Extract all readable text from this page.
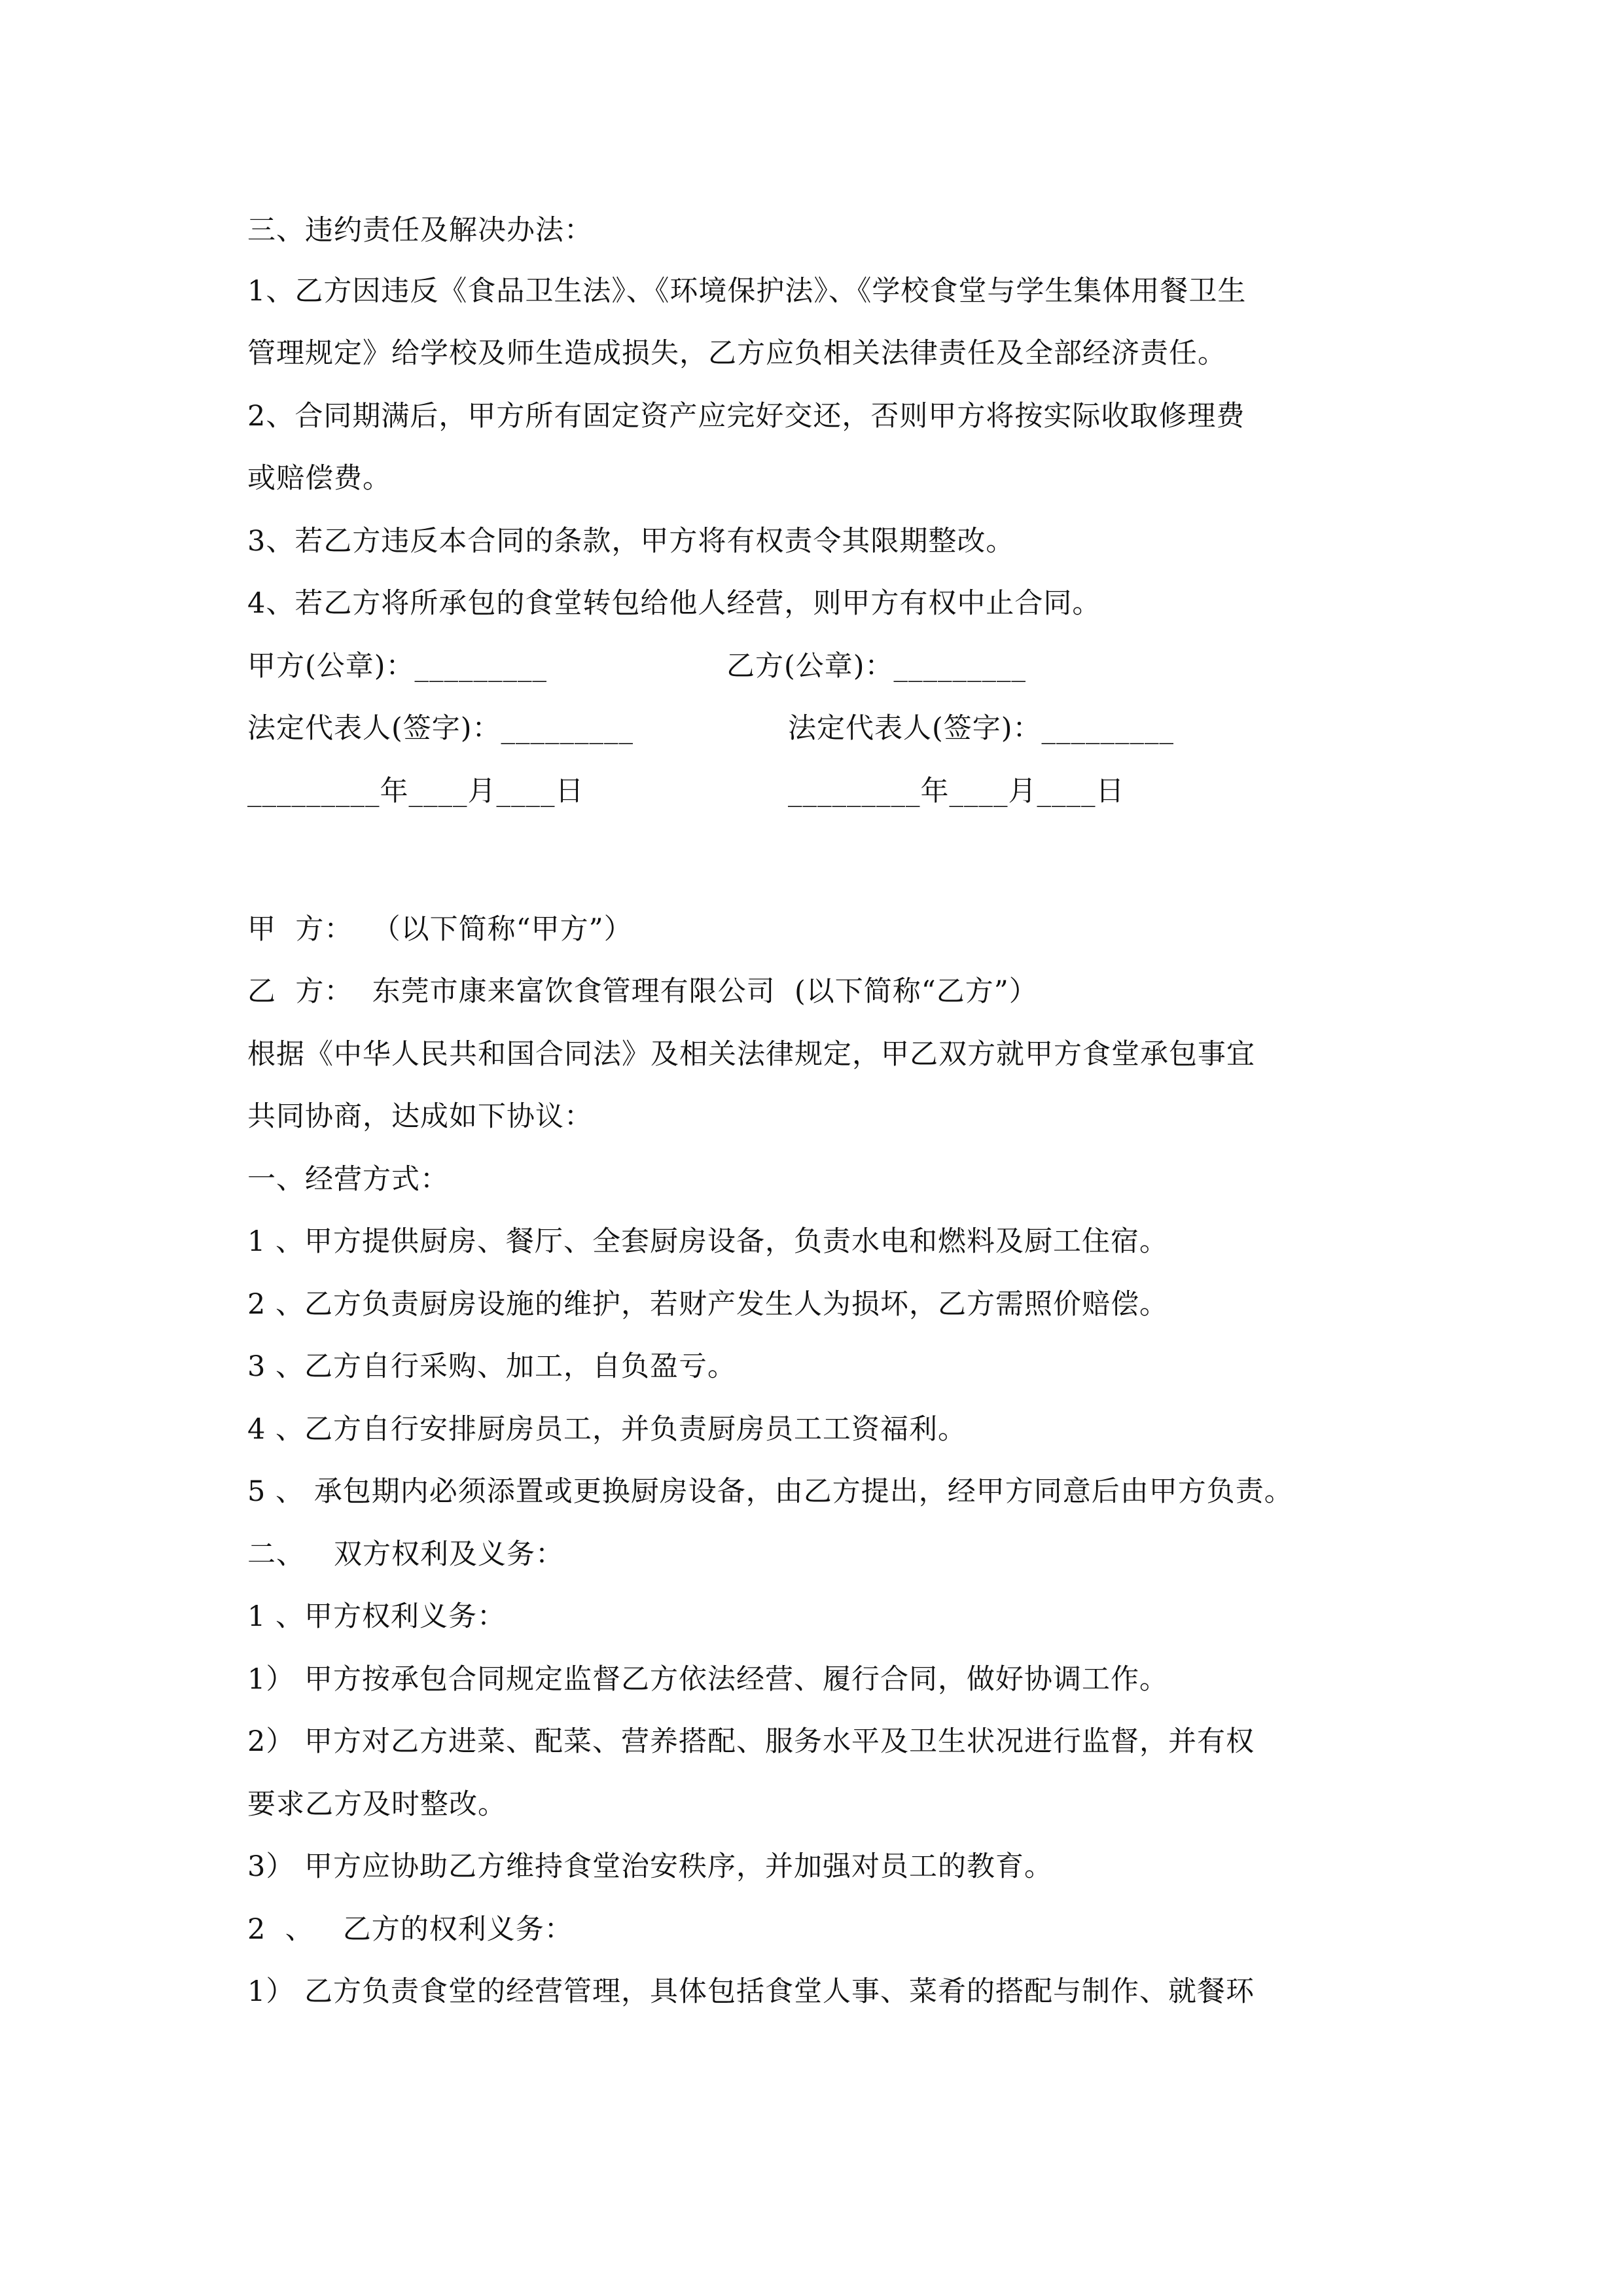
三、违约责任及解决办法：
1、乙方因违反《食品卫生法》、《环境保护法》、《学校食堂与学生集体用餐卫生
管理规定》给学校及师生造成损失，乙方应负相关法律责任及全部经济责任。
2、合同期满后，甲方所有固定资产应完好交还，否则甲方将按实际收取修理费
或赔偿费。
3、若乙方违反本合同的条款，甲方将有权责令其限期整改。
4、若乙方将所承包的食堂转包给他人经营，则甲方有权中止合同。
甲方(公章)：_________	乙方(公章)：_________
法定代表人(签字)：_________	法定代表人(签字)：_________
_________年____月____日	_________年____月____日
甲  方：  （以下简称“甲方”）
乙  方：  东莞市康来富饮食管理有限公司  (以下简称“乙方”）
根据《中华人民共和国合同法》及相关法律规定，甲乙双方就甲方食堂承包事宜
共同协商，达成如下协议：
一、经营方式：
1 、甲方提供厨房、餐厅、全套厨房设备，负责水电和燃料及厨工住宿。
2 、乙方负责厨房设施的维护，若财产发生人为损坏，乙方需照价赔偿。
3 、乙方自行采购、加工，自负盈亏。
4 、乙方自行安排厨房员工，并负责厨房员工工资福利。
5 、 承包期内必须添置或更换厨房设备，由乙方提出，经甲方同意后由甲方负责。
二、   双方权利及义务：
1 、甲方权利义务：
1） 甲方按承包合同规定监督乙方依法经营、履行合同，做好协调工作。
2） 甲方对乙方进菜、配菜、营养搭配、服务水平及卫生状况进行监督，并有权
要求乙方及时整改。
3） 甲方应协助乙方维持食堂治安秩序，并加强对员工的教育。
2  、   乙方的权利义务：
1） 乙方负责食堂的经营管理，具体包括食堂人事、菜肴的搭配与制作、就餐环
